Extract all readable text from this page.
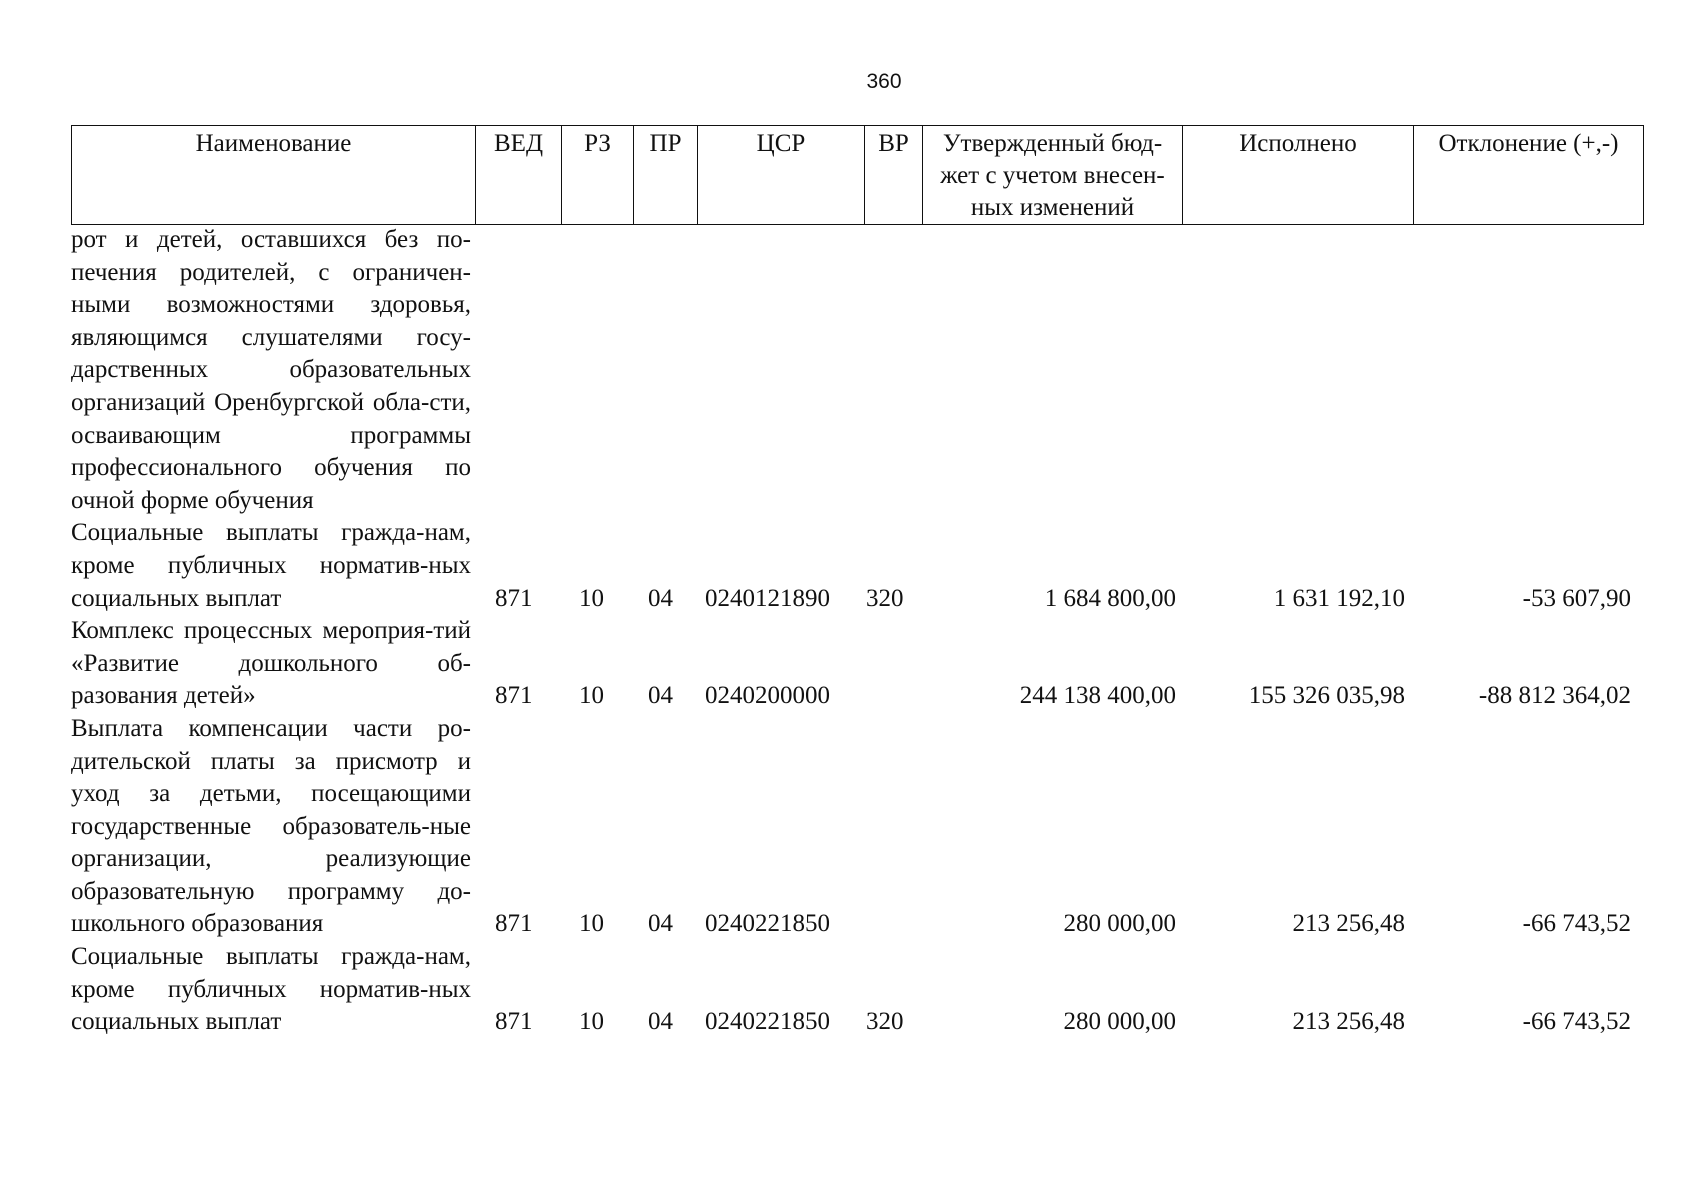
360
Наименование	ВЕД	РЗ	ПР	ЦСР	ВР	Утвержденный бюд-жет с учетом внесен-ных изменений	Исполнено	Отклонение (+,-)
рот и детей, оставшихся без по-печения родителей, с ограничен-ными возможностями здоровья, являющимся слушателями госу-дарственных образовательных организаций Оренбургской обла-сти, осваивающим программы профессионального обучения по очной форме обучения
Социальные выплаты гражда-нам, кроме публичных норматив-ных социальных выплат	871 10 04 0240121890 320	1 684 800,00	1 631 192,10	-53 607,90
Комплекс процессных мероприя-тий «Развитие дошкольного об-разования детей»	871 10 04 0240200000	244 138 400,00	155 326 035,98	-88 812 364,02
Выплата компенсации части ро-дительской платы за присмотр и уход за детьми, посещающими государственные образователь-ные организации, реализующие образовательную программу до-школьного образования	871 10 04 0240221850	280 000,00	213 256,48	-66 743,52
Социальные выплаты гражда-нам, кроме публичных норматив-ных социальных выплат	871 10 04 0240221850 320	280 000,00	213 256,48	-66 743,52
